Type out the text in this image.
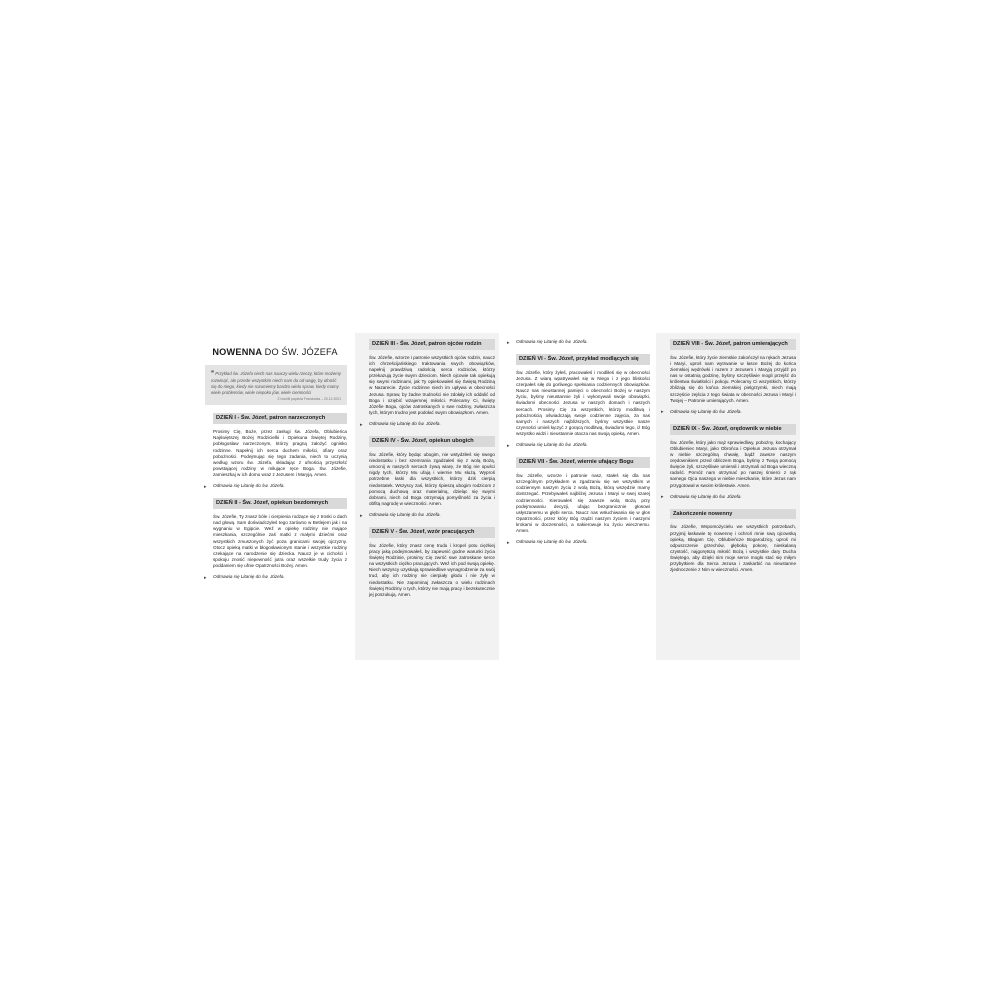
NOWENNA DO ŚW. JÓZEFA
❞Przykład św. Józefa niech nas nauczy wielu rzeczy, które możemy rozwinąć, ale przede wszystkim niech nam da od wagę, by ufność się do niego, kiedy nie rozumiemy bardzo wielu spraw, kiedy mamy wiele problemów, wiele niepoko jów, wiele ciemności
Z homilii papieża Franciszka – 20.12.2021
DZIEŃ I - Św. Józef, patron narzeczonych
Prosimy Cię, Boże, przez zasługi św. Józefa, Oblubieńca Najświętszej Bożej Rodzicielki i Opiekuna Świętej Rodziny, pobłogosław narzeczonym, którzy pragną założyć ognisko rodzinne. Napełnij ich serca duchem miłości, ofiary oraz pobożności. Podejmując się tego zadania, niech to uczynią według wzoru św. Józefa, składając z ufnością przyszłość powstającej rodziny w miłujące ręce Boga. Św. Józefie, zamieszkaj w ich domu wraz z Jezusem i Maryją. Amen.
▸ Odmawia się Litanię do św. Józefa.
DZIEŃ II - Św. Józef, opiekun bezdomnych
Św. Józefie, Ty znasz bóle i cierpienia rodzące się z troski o dach nad głową. Sam doświadczyłeś tego zarówno w Betlejem jak i na wygnaniu w Egipcie. Weź w opiekę rodziny nie mające mieszkania, szczególnie zaś matki z małymi dziećmi oraz wszystkich zmuszonych żyć poza granicami swojej ojczyzny. Otocz opieką matki w błogosławionym stanie i wszystkie rodziny czekające na narodzenie się dziecka. Naucz je w cichości i spokoju znosić niepewność jutra oraz wszelkie trudy życia z poddaniem się ufnie Opatrzności Bożej. Amen.
▸ Odmawia się Litanię do św. Józefa.
DZIEŃ III - Św. Józef, patron ojców rodzin
Św. Józefie, wzorze i patronie wszystkich ojców rodzin, naucz ich chrześcijańskiego traktowania swych obowiązków, napełnij prawdziwą radością serca rodziców, którzy przekazują życie swym dzieciom. Niech ojcowie tak opiekują się swymi rodzinami, jak Ty opiekowałeś się Świętą Rodziną w Nazarecie. Życie rodzinne niech im upływa w obecności Jezusa. Spraw, by żadne trudności nie zdołały ich oddalić od Boga i oziębić wzajemnej miłości. Polecamy Ci, święty Józefie Bogu, ojców zatroskanych o swe rodziny, zwłaszcza tych, którym trudno jest podołać swym obowiązkom. Amen.
▸ Odmawia się Litanię do św. Józefa.
DZIEŃ IV - Św. Józef, opiekun ubogich
Św. Józefie, który będąc ubogim, nie wstydziłeś się swego niedostatku i bez szemrania zgadzałeś się z wolą Bożą, umocnij w naszych sercach żywą wiarę, że Bóg nie opuści nigdy tych, którzy Mu ufają i wiernie Mu służą. Wyproś potrzebne łaski dla wszystkich, którzy dziś cierpią niedostatek. Wszyscy zaś, którzy śpieszą ubogim rodzicom z pomocą duchową oraz materialną, dzieląc się swymi dobrami, niech od Boga otrzymają pomyślność za życia i obfitą nagrodę w wieczności. Amen.
▸ Odmawia się Litanię do św. Józefa.
DZIEŃ V - Św. Józef, wzór pracujących
Św. Józefie, który znasz cenę trudu i kropel potu ciężkiej pracy jaką podejmowałeś, by zapewnić godne warunki życia Świętej Rodzinie, prosimy Cię zwróć swe zatroskane serce na wszystkich ciężko pracujących. Weź ich pod swoją opiekę. Niech wszyscy uzyskają sprawiedliwe wynagrodzenie za swój trud, aby ich rodziny nie cierpiały głodu i nie żyły w niedostatku. Nie zapominaj zwłaszcza o wielu rodzinach Świętej Rodziny o tych, którzy nie mają pracy i bezskutecznie jej poszukują. Amen.
▸ Odmawia się Litanię do św. Józefa.
DZIEŃ VI - Św. Józef, przykład modlących się
Św. Józefie, który żyłeś, pracowałeś i modliłeś się w obecności Jezusa. Z wiarą wpatrywałeś się w Niego i z jego bliskości czerpałeś siłę do gorliwego spełniania codziennych obowiązków. Naucz nas nieustannej pamięci o obecności Bożej w naszym życiu, byśmy nieustannie żyli i wykonywali swoje obowiązki, świadomi obecności Jezusa w naszych domach i naszych sercach. Prosimy Cię za wszystkich, którzy modlitwą i pobożnością oświadczają swoje codzienne zajęcia, za nas samych i naszych najbliższych, byśmy wszystkie nasze czynności umieli łączyć z gorącą modlitwą, świadomi tego, iż Bóg wszystko widzi i nieustannie otacza nas swoją opieką. Amen.
▸ Odmawia się Litanię do św. Józefa.
DZIEŃ VII - Św. Józef, wiernie ufający Bogu
Św. Józefie, wzorze i patronie nasz, stałeś się dla nas szczególnym przykładem w zgadzaniu się we wszystkim w codziennym naszym życiu z wolą Bożą, którą wszędzie mamy dostrzegać. Przebywałeś najbliżej Jezusa i Maryi w swej szarej codzienności. Kierowałeś się zawsze wolą Bożą przy podejmowaniu decyzji, ufając bezgranicznie głosowi usłyszanemu w głębi serca. Naucz nas wsłuchiwania się w głos Opatrzności, przez który Bóg rządzi naszym życiem i naszymi krokami w doczesności, a nakierowuje ku życiu wiecznemu. Amen.
▸ Odmawia się Litanię do św. Józefa.
DZIEŃ VIII - Św. Józef, patron umierających
Św. Józefie, który życie ziemskie zakończył na rękach Jezusa i Maryi, uproś nam wytrwanie w łasce Bożej do końca ziemskiej wędrówki i razem z Jezusem i Maryją przyjdź po nas w ostatnią godzinę, byśmy szczęśliwie mogli przejść do królestwa światłości i pokoju. Polecamy Ci wszystkich, którzy zbliżają się do końca ziemskiej pielgrzymki, niech mają szczęście zejścia z tego świata w obecności Jezusa i Maryi i Twojej – Patronie umierających. Amen.
▸ Odmawia się Litanię do św. Józefa.
DZIEŃ IX - Św. Józef, orędownik w niebie
Św. Józefie, który jako mąż sprawiedliwy, pobożny, kochający Oblubieniec Maryi, jako Obrońca i Opiekun Jezusa otrzymał w niebie szczególną chwałę, bądź zawsze naszym orędownikiem przed obliczem Boga, byśmy z Twoją pomocą święcie żyli, szczęśliwie umierali i otrzymali od Boga wieczną radość. Pomóż nam otrzymać po naszej śmierci z rąk samego Ojca naszego w niebie mieszkanie, które Jezus nam przygotował w swoim królestwie. Amen.
▸ Odmawia się Litanię do św. Józefa.
Zakończenie nowenny
Św. Józefie, Wspomożycielu we wszystkich potrzebach, przyjmij łaskawie tę nowennę i ochroń mnie swą ojcowską opieką. Błagam Cię, Oblubieńcze Bogarodzicy, uproś mi odpuszczenie grzechów, głęboką pokorę, nieskalaną czystość, najgorętszą miłość Bożą i wszystkie dary Ducha Świętego, aby dzięki nim moje serce mogło stać się miłym przybytkiem dla Serca Jezusa i zaskarbić na nieustanne zjednoczenie z Nim w wieczności. Amen.
